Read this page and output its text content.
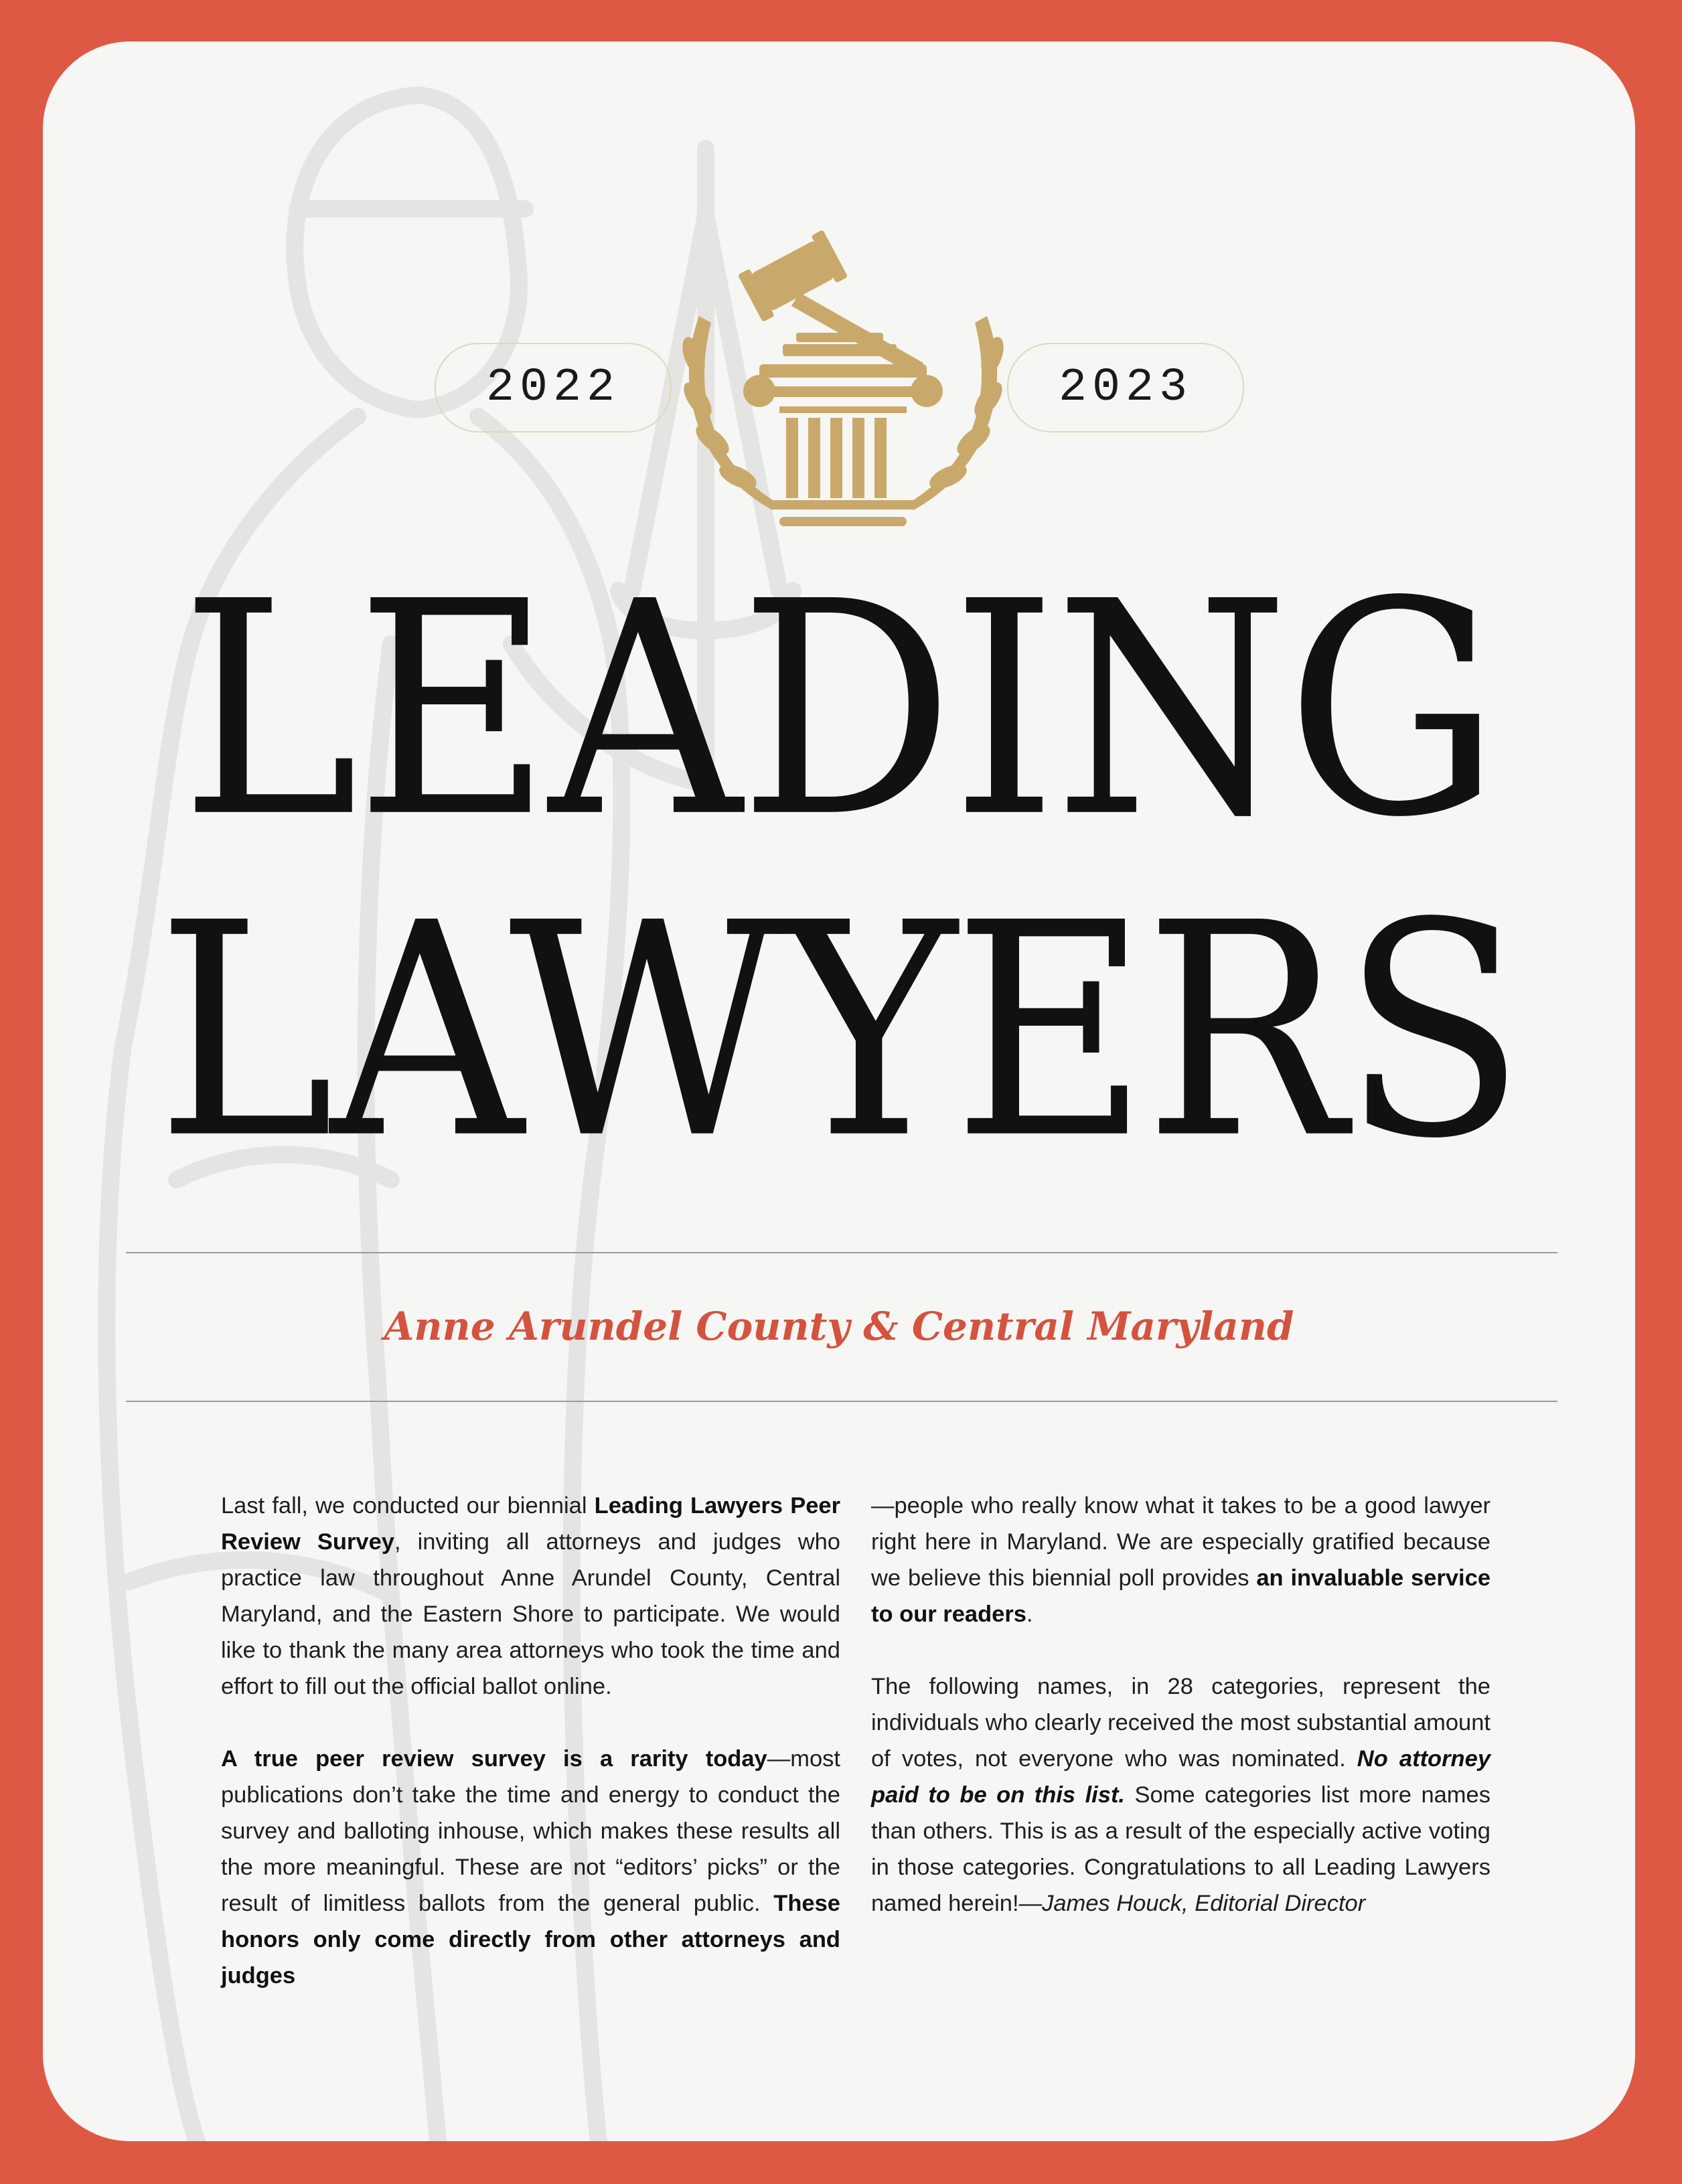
2022	2023
LEADING
LAWYERS
Anne Arundel County & Central Maryland

Last fall, we conducted our biennial Leading Lawyers Peer Review Survey, inviting all attorneys and judges who practice law throughout Anne Arundel County, Central Maryland, and the Eastern Shore to participate. We would like to thank the many area attorneys who took the time and effort to fill out the official ballot online.

A true peer review survey is a rarity today—most publications don’t take the time and energy to conduct the survey and balloting inhouse, which makes these results all the more meaningful. These are not “editors’ picks” or the result of limitless ballots from the general public. These honors only come directly from other attorneys and judges

—people who really know what it takes to be a good lawyer right here in Maryland. We are especially gratified because we believe this biennial poll provides an invaluable service to our readers.

The following names, in 28 categories, represent the individuals who clearly received the most substantial amount of votes, not everyone who was nominated. No attorney paid to be on this list. Some categories list more names than others. This is as a result of the especially active voting in those categories. Congratulations to all Leading Lawyers named herein!—James Houck, Editorial Director
